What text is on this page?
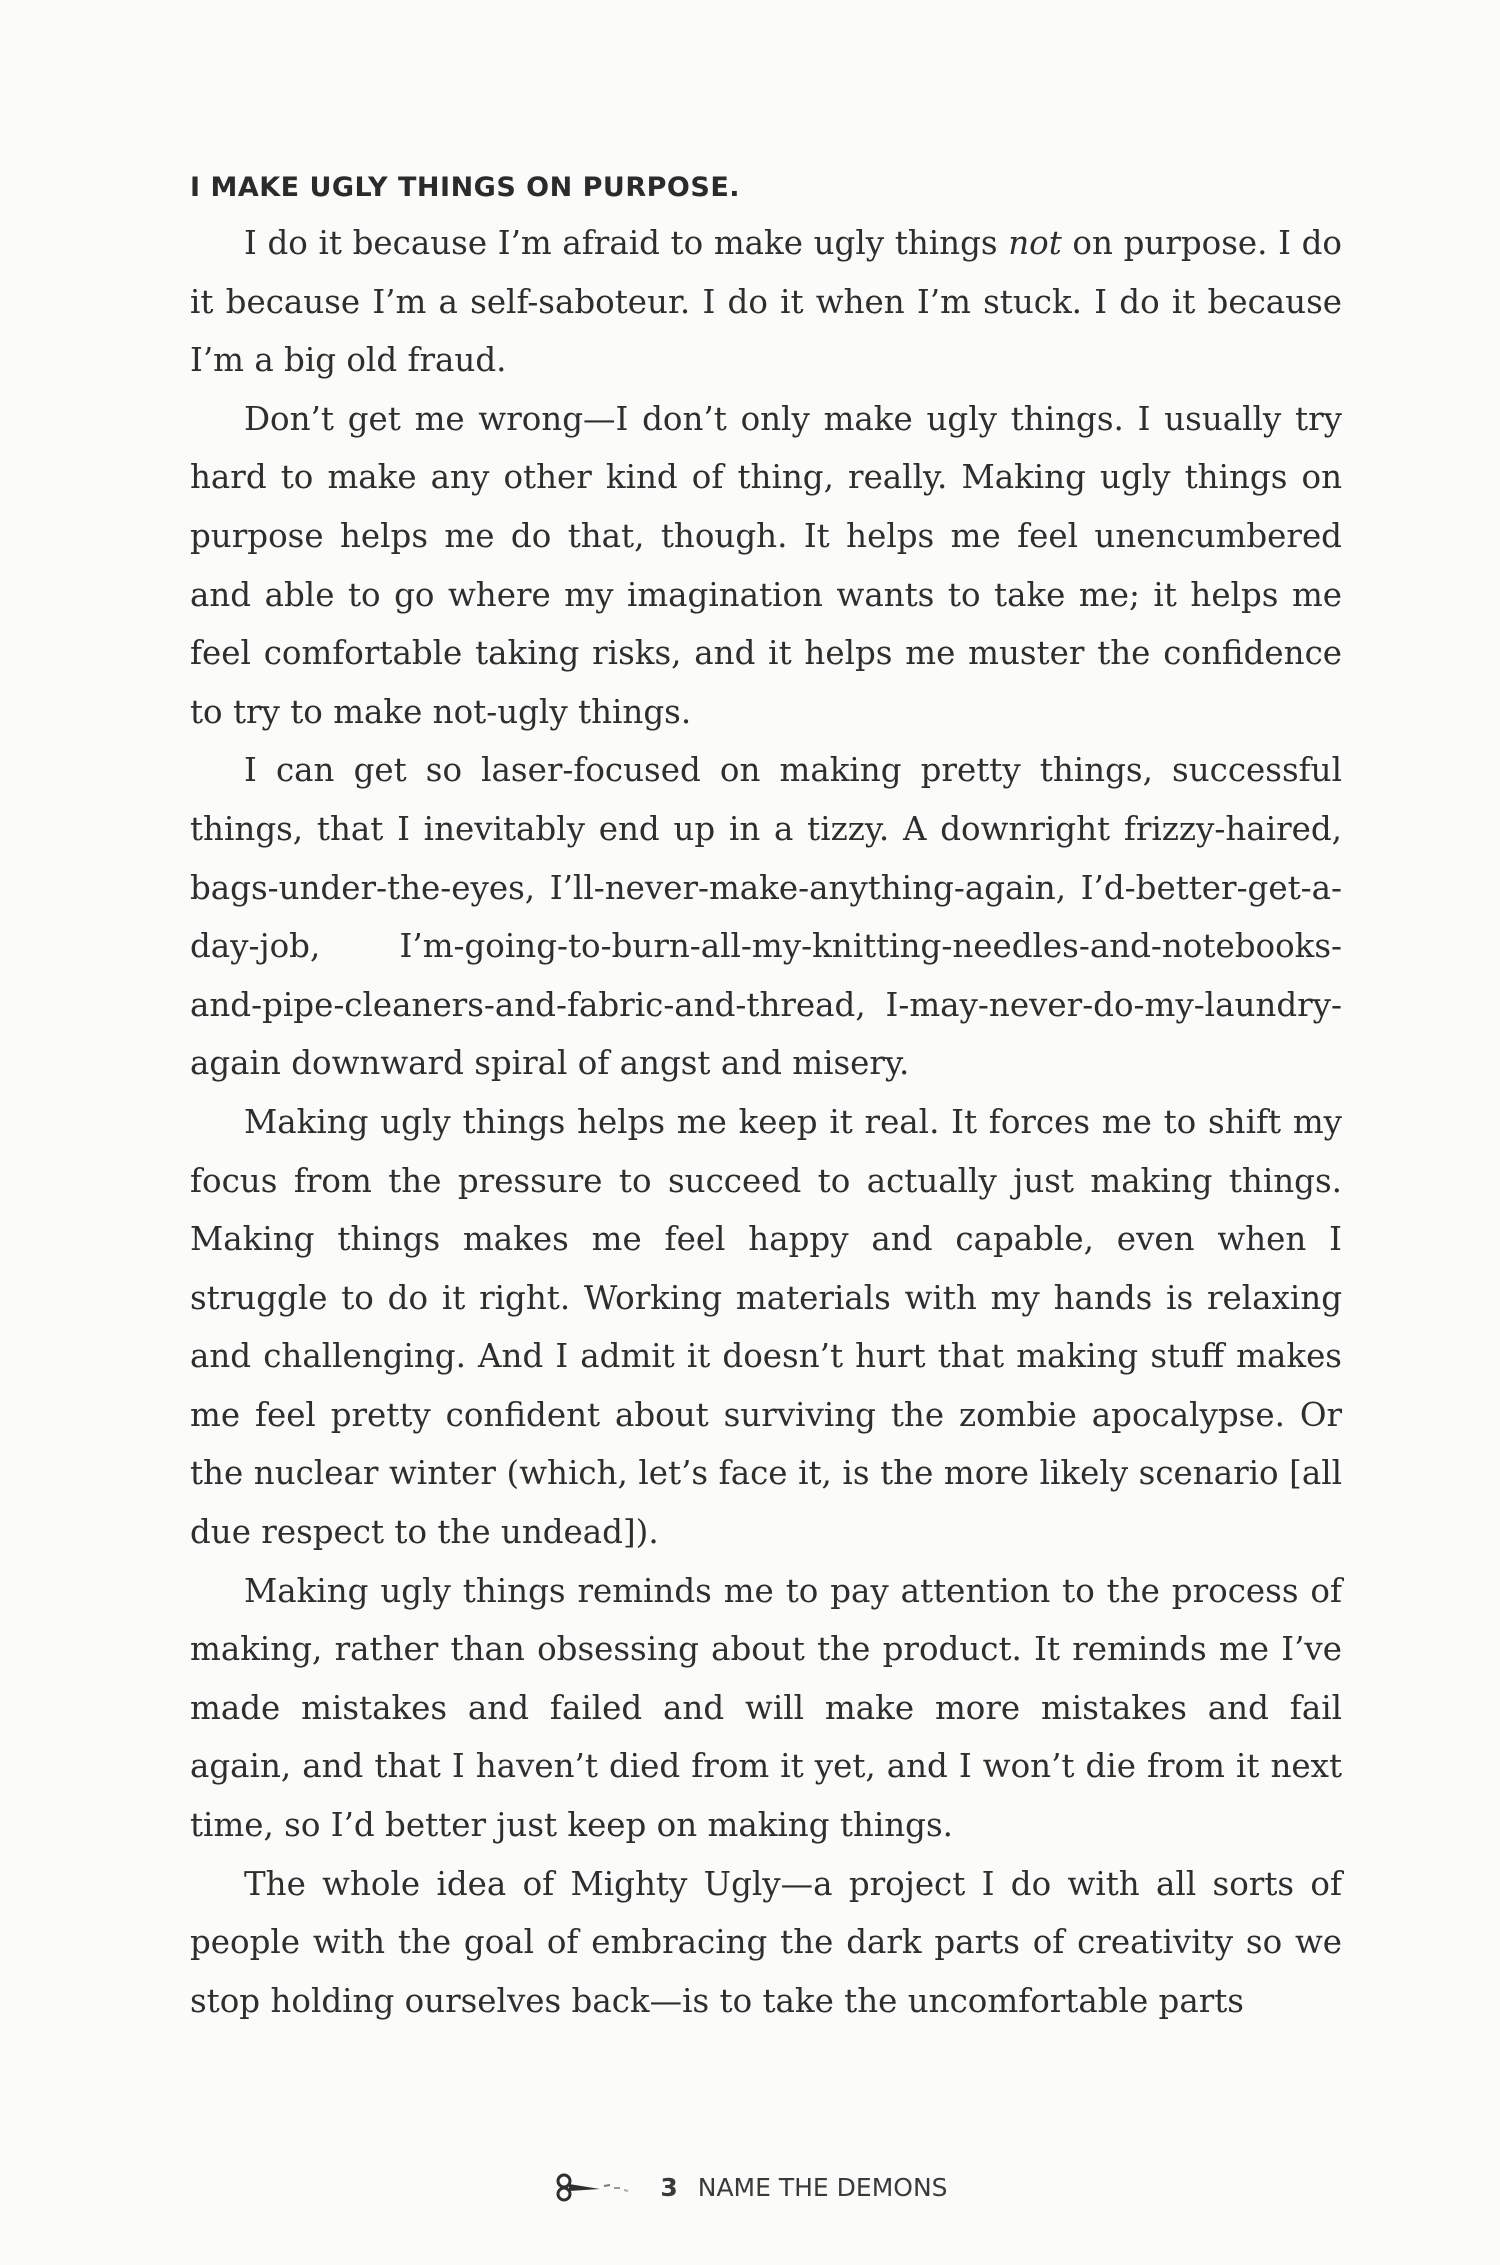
I MAKE UGLY THINGS ON PURPOSE.

I do it because I’m afraid to make ugly things not on purpose. I do it because I’m a self-saboteur. I do it when I’m stuck. I do it because I’m a big old fraud.

Don’t get me wrong—I don’t only make ugly things. I usually try hard to make any other kind of thing, really. Making ugly things on purpose helps me do that, though. It helps me feel unencumbered and able to go where my imagination wants to take me; it helps me feel comfortable taking risks, and it helps me muster the confidence to try to make not-ugly things.

I can get so laser-focused on making pretty things, successful things, that I inevitably end up in a tizzy. A downright frizzy-haired, bags-under-the-eyes, I’ll-never-make-anything-again, I’d-better-get-a-day-job, I’m-going-to-burn-all-my-knitting-needles-and-notebooks-and-pipe-cleaners-and-fabric-and-thread, I-may-never-do-my-laundry-again downward spiral of angst and misery.

Making ugly things helps me keep it real. It forces me to shift my focus from the pressure to succeed to actually just making things. Making things makes me feel happy and capable, even when I struggle to do it right. Working materials with my hands is relaxing and challenging. And I admit it doesn’t hurt that making stuff makes me feel pretty confident about surviving the zombie apocalypse. Or the nuclear winter (which, let’s face it, is the more likely scenario [all due respect to the undead]).

Making ugly things reminds me to pay attention to the process of making, rather than obsessing about the product. It reminds me I’ve made mistakes and failed and will make more mistakes and fail again, and that I haven’t died from it yet, and I won’t die from it next time, so I’d better just keep on making things.

The whole idea of Mighty Ugly—a project I do with all sorts of people with the goal of embracing the dark parts of creativity so we stop holding ourselves back—is to take the uncomfortable parts

3 NAME THE DEMONS
